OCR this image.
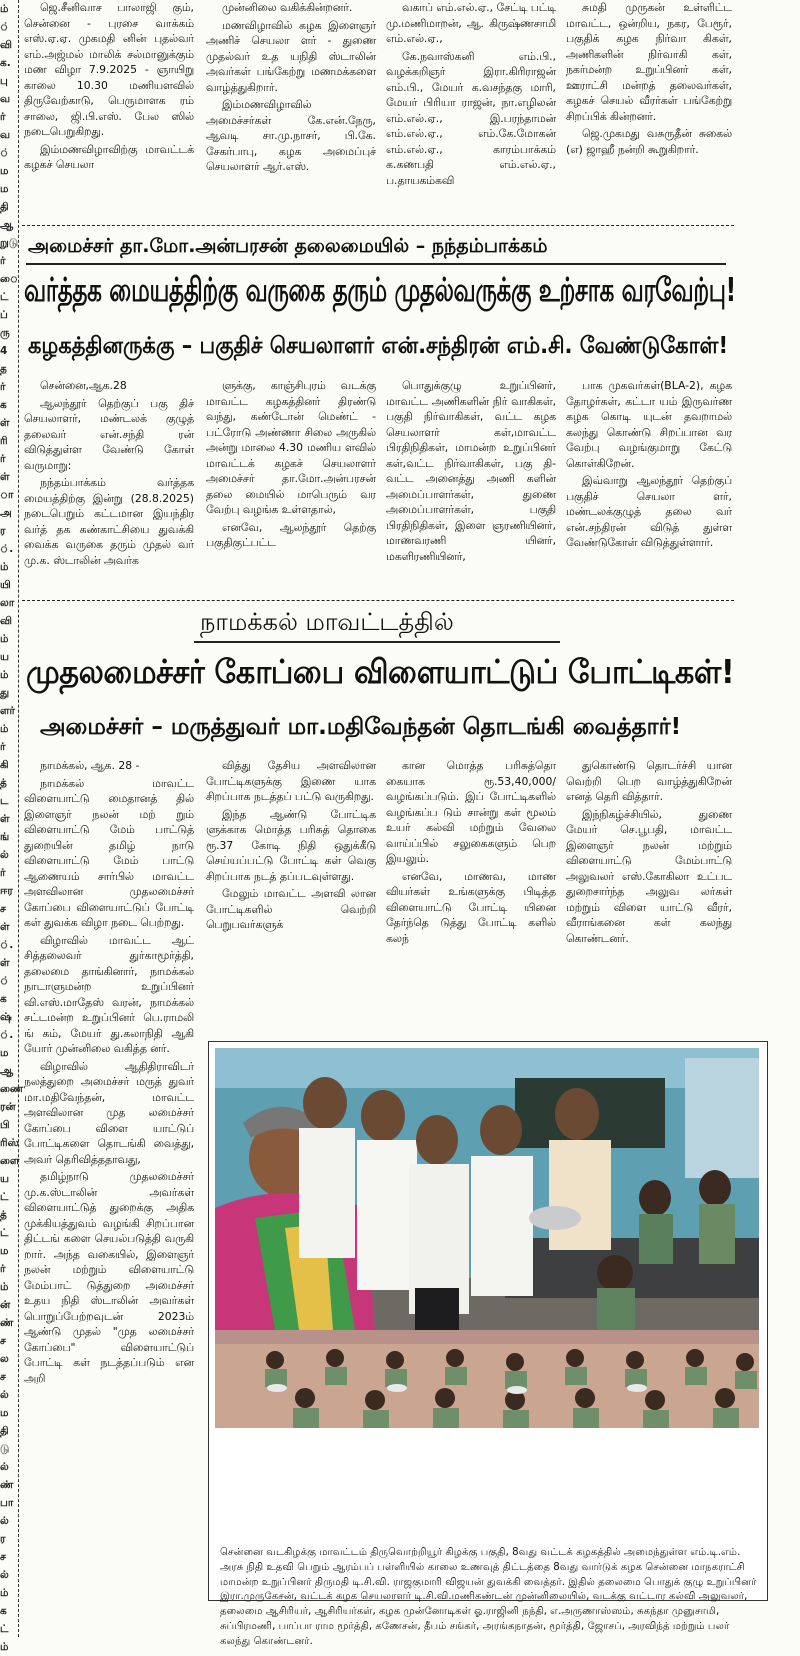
ம்
்
வி
க.
பு
வ
ர்
வ
்
ம
ம
தி
ஆ
றுடு
ர்
ை
ட்
ப்
ரு
4
த
ர்
க
ள்
ரி
ர்
ள்
ா
அ
ர
்.
ம்
யி
லா
வி
ம்
ய
ம்
து
ளர்
ம்
ர்
கி
த்
ட
ள்
ங்
ல்
ர்
ஈர
ச
ள்
்.
ள்
்
க
ஷ்
்.
ம
ஆ
ணை
ரன்
பி
ரிஸ்
ளை
ய
ட்
த்
ட்
ம
ர்
ம்
ன்
ண்
ச
ல
ச
ல்
ம
தி
டு
ல்
ண்
பா
ல்
ர
ச
ல்
ம்
க
ட்
ம்

ஜெ.சீனிவாச பாலாஜி கும், சென்னை - புரசை வாக்கம் எஸ்.ஏ.ஏ. முகமதி னின் புதல்வர் எம்.அஜ்மல் மாலிக் சல்மானுக்கும் மண விழா 7.9.2025 - ஞாயிறு காலை 10.30 மணியளவில் திருவேற்காடு, பெருமாளக ரம் சாலை, ஜி.பி.எஸ். பேல ஸில் நடைபெறுகிறது.

இம்மணவிழாவிற்கு மாவட்டக் கழகச் செயலா

முன்னிலை வகிக்கின்றனர்.

மணவிழாவில் கழக இளைஞர் அணிச் செயலா ளர் - துணை முதல்வர் உத யநிதி ஸ்டாலின் அவர்கள் பங்கேற்று மணமக்களை வாழ்த்துகிறார்.

இம்மணவிழாவில் அமைச்சர்கள் கே.என்.நேரு, ஆவடி சா.மு.நாசர், பி.கே. சேகர்பாபு, கழக அமைப்புச் செயலாளர் ஆர்.எஸ்.

வகாப் எம்.எல்.ஏ., சேட்டி பட்டி மு.மணிமாறன், ஆ. கிருஷ்ணசாமி எம்.எல்.ஏ.,

கே.நவாஸ்கனி எம்.பி., வழக்கறிஞர் இரா.கிரிராஜன் எம்.பி., மேயர் க.வசந்தகு மாரி, மேயர் பிரியா ராஜன், நா.எழிலன் எம்.எல்.ஏ., இ.பரந்தாமன் எம்.எல்.ஏ., எம்.கே.மோகன் எம்.எல்.ஏ., காரம்பாக்கம் க.கணபதி எம்.எல்.ஏ., ப.தாயகம்கவி

சுமதி முருகன் உள்ளிட்ட மாவட்ட, ஒன்றிய, நகர, பேரூர், பகுதிக் கழக நிர்வா கிகள், அணிகளின் நிர்வாகி கள், நகர்மன்ற உறுப்பினர் கள், ஊராட்சி மன்றத் தலைவர்கள், கழகச் செயல் வீரர்கள் பங்கேற்று சிறப்பிக் கின்றனர்.

ஜெ.முகமது வசுருதீன் சுகைல் (எ) ஜாஹீ நன்றி கூறுகிறார்.

அமைச்சர் தா.மோ.அன்பரசன் தலைமையில் – நந்தம்பாக்கம்
வர்த்தக மையத்திற்கு வருகை தரும் முதல்வருக்கு உற்சாக வரவேற்பு!
கழகத்தினருக்கு – பகுதிச் செயலாளர் என்.சந்திரன் எம்.சி. வேண்டுகோள்!

சென்னை,ஆக.28

ஆலந்தூர் தெற்குப் பகு திச் செயலாளர், மண்டலக் குழுத் தலைவர் என்.சந்தி ரன் விடுத்துள்ள வேண்டு கோள் வருமாறு:

நந்தம்பாக்கம் வர்த்தக மையத்திற்கு இன்று (28.8.2025) நடைபெறும் கட்டமான இயந்திர வர்த் தக கண்காட்சியை துவக்கி வைக்க வருகை தரும் முதல் வர் மு.க. ஸ்டாலின் அவர்க

ளுக்கு, காஞ்சிபுரம் வடக்கு மாவட்ட கழகத்தினர் திரண்டு வந்து, கண்டோன் மெண்ட் - பட்ரோடு அண்ணா சிலை அருகில் அன்று மாலை 4.30 மணிய ளவில் மாவட்டக் கழகச் செயலாளர் அமைச்சர் தா.மோ.அன்பரசன் தலை மையில் மாபெரும் வர வேற்பு வழங்க உள்ளதால்,

எனவே, ஆலந்தூர் தெற்கு பகுதிகுட்பட்ட

பொதுக்குழு உறுப்பினர், மாவட்ட அணிகளின் நிர் வாகிகள், பகுதி நிர்வாகிகள், வட்ட கழக செயலாளர் கள்,மாவட்ட பிரதிநிதிகள், மாமன்ற உறுப்பினர் கள்,வட்ட நிர்வாகிகள், பகு தி-வட்ட அனைத்து அணி களின் அமைப்பாளர்கள், துணை அமைப்பாளர்கள், பகுதி பிரதிநிதிகள், இளை ஞரணியினர், மாணவரணி யினர், மகளிரணியினர்,

பாக முகவர்கள்(BLA-2), கழக தோழர்கள், கட்டா யம் இருவர்ண கழக கொடி யுடன் தவறாமல் கலந்து கொண்டு சிறப்பான வர வேற்பு வழங்குமாறு கேட்டு கொள்கிறேன்.

இவ்வாறு ஆலந்தூர் தெற்குப் பகுதிச் செயலா ளர், மண்டலக்குழுத் தலை வர் என்.சந்திரன் விடுத் துள்ள வேண்டுகோள் விடுத்துள்ளார்.

நாமக்கல் மாவட்டத்தில்
முதலமைச்சர் கோப்பை விளையாட்டுப் போட்டிகள்!
அமைச்சர் – மருத்துவர் மா.மதிவேந்தன் தொடங்கி வைத்தார்!

நாமக்கல், ஆக. 28 -

நாமக்கல் மாவட்ட விளையாட்டு மைதானத் தில் இளைஞர் நலன் மற் றும் விளையாட்டு மேம் பாட்டுத் துறையின் தமிழ் நாடு விளையாட்டு மேம் பாட்டு ஆணையம் சார்பில் மாவட்ட அளவிலான முதலமைச்சர் கோப்பை விளையாட்டுப் போட்டி கள் துவக்க விழா நடை பெற்றது.

விழாவில் மாவட்ட ஆட் சித்தலைவர் துர்காமூர்த்தி, தலைமை தாங்கினார், நாமக்கல் நாடாளுமன்ற உறுப்பினர் வி.எஸ்.மாதேஸ் வரன், நாமக்கல் சட்டமன்ற உறுப்பினர் பெ.ராமலி ங் கம், மேயர் து.கலாநிதி ஆகி யோர் முன்னிலை வகித்த னர்.

விழாவில் ஆதிதிராவிடர் நலத்துறை அமைச்சர் மருத் துவர் மா.மதிவேந்தன், மாவட்ட அளவிலான முத லமைச்சர் கோப்பை விளை யாட்டுப் போட்டிகளை தொடங்கி வைத்து, அவர் தெரிவித்ததாவது,

தமிழ்நாடு முதலமைச்சர் மு.க.ஸ்டாலின் அவர்கள் விளையாட்டுத் துறைக்கு அதிக முக்கியத்துவம் வழங்கி சிறப்பான திட்டங் களை செயல்படுத்தி வருகி றார். அந்த வகையில், இளைஞர் நலன் மற்றும் விளையாட்டு மேம்பாட் டுத்துறை அமைச்சர் உதய நிதி ஸ்டாலின் அவர்கள் பொறுப்பேற்றவுடன் 2023ம் ஆண்டு முதல் "முத லமைச்சர் கோப்பை" விளையாட்டுப் போட்டி கள் நடத்தப்படும் என அறி

வித்து தேசிய அளவிலான போட்டிகளுக்கு இணை யாக சிறப்பாக நடத்தப் பட்டு வருகிறது.

இந்த ஆண்டு போட்டிக ளுக்காக மொத்த பரிசுத் தொகை ரூ.37 கோடி நிதி ஒதுக்கீடு செய்யப்பட்டு போட்டி கள் வெகு சிறப்பாக நடத் தப்படவுள்ளது.

மேலும் மாவட்ட அளவி லான போட்டிகளில் வெற்றி பெறுபவர்களுக்

கான மொத்த பரிசுத்தொ கையாக ரூ.53,40,000/ வழங்கப்படும். இப் போட்டிகளில் வழங்கப்ப டும் சான்று கள் மூலம் உயர் கல்வி மற்றும் வேலை வாய்ப்பில் சலுகைகளும் பெற இயலும்.

எனவே, மாணவ, மாண வியர்கள் உங்களுக்கு பிடித்த விளையாட்டு போட்டி யினை தேர்ந்தெ டுத்து போட்டி களில் கலந்

துகொண்டு தொடர்ச்சி யான வெற்றி பெற வாழ்த்துகிறேன் எனத் தெரி வித்தார்.

இந்நிகழ்ச்சியில், துணை மேயர் செ.பூபதி, மாவட்ட இளைஞர் நலன் மற்றும் விளையாட்டு மேம்பாட்டு அலுவலர் எஸ்.கோகிலா உட்பட துறைசார்ந்த அலுவ லர்கள் மற்றும் விளை யாட்டு வீரர், வீராங்கனை கள் கலந்து கொண்டனர்.

சென்னை வடகிழக்கு மாவட்டம் திருவொற்றியூர் கிழக்கு பகுதி, 8வது வட்டக் கழகத்தில் அமைந்துள்ள எம்.டி.எம். அரசு நிதி உதவி பெறும் ஆரம்பப் பள்ளியில் காலை உணவுத் திட்டத்தை 8வது வார்டுக் கழக சென்னை மாநகராட்சி மாமன்ற உறுப்பினர் திருமதி டி.சி.வி. ராஜகுமாரி விஜயன் துவக்கி வைத்தர். இதில் தலைமை பொதுக் குழு உறுப்பினர் இரா.முருகேசன், வட்டக் கழக செயலாளர் டி.சி.வி.மணிகண்டன் முன்னிலையில், வடக்கு வட்டார கல்வி அலுவலர், தலைமை ஆசிரியர், ஆசிரியர்கள், கழக முன்னோடிகள் ஓ.ராஜினி நந்தி, எ.அருணாஸ்ஸம், சுகந்தா முனுசாமி, சுப்பிரமணி, பாப்பா ராம மூர்த்தி, கணேசன், தீபம் சங்கர், அரங்கநாதன், மூர்த்தி, ஜோசப், அரவிந்த் மற்றும் பலர் கலந்து கொண்டனர்.
